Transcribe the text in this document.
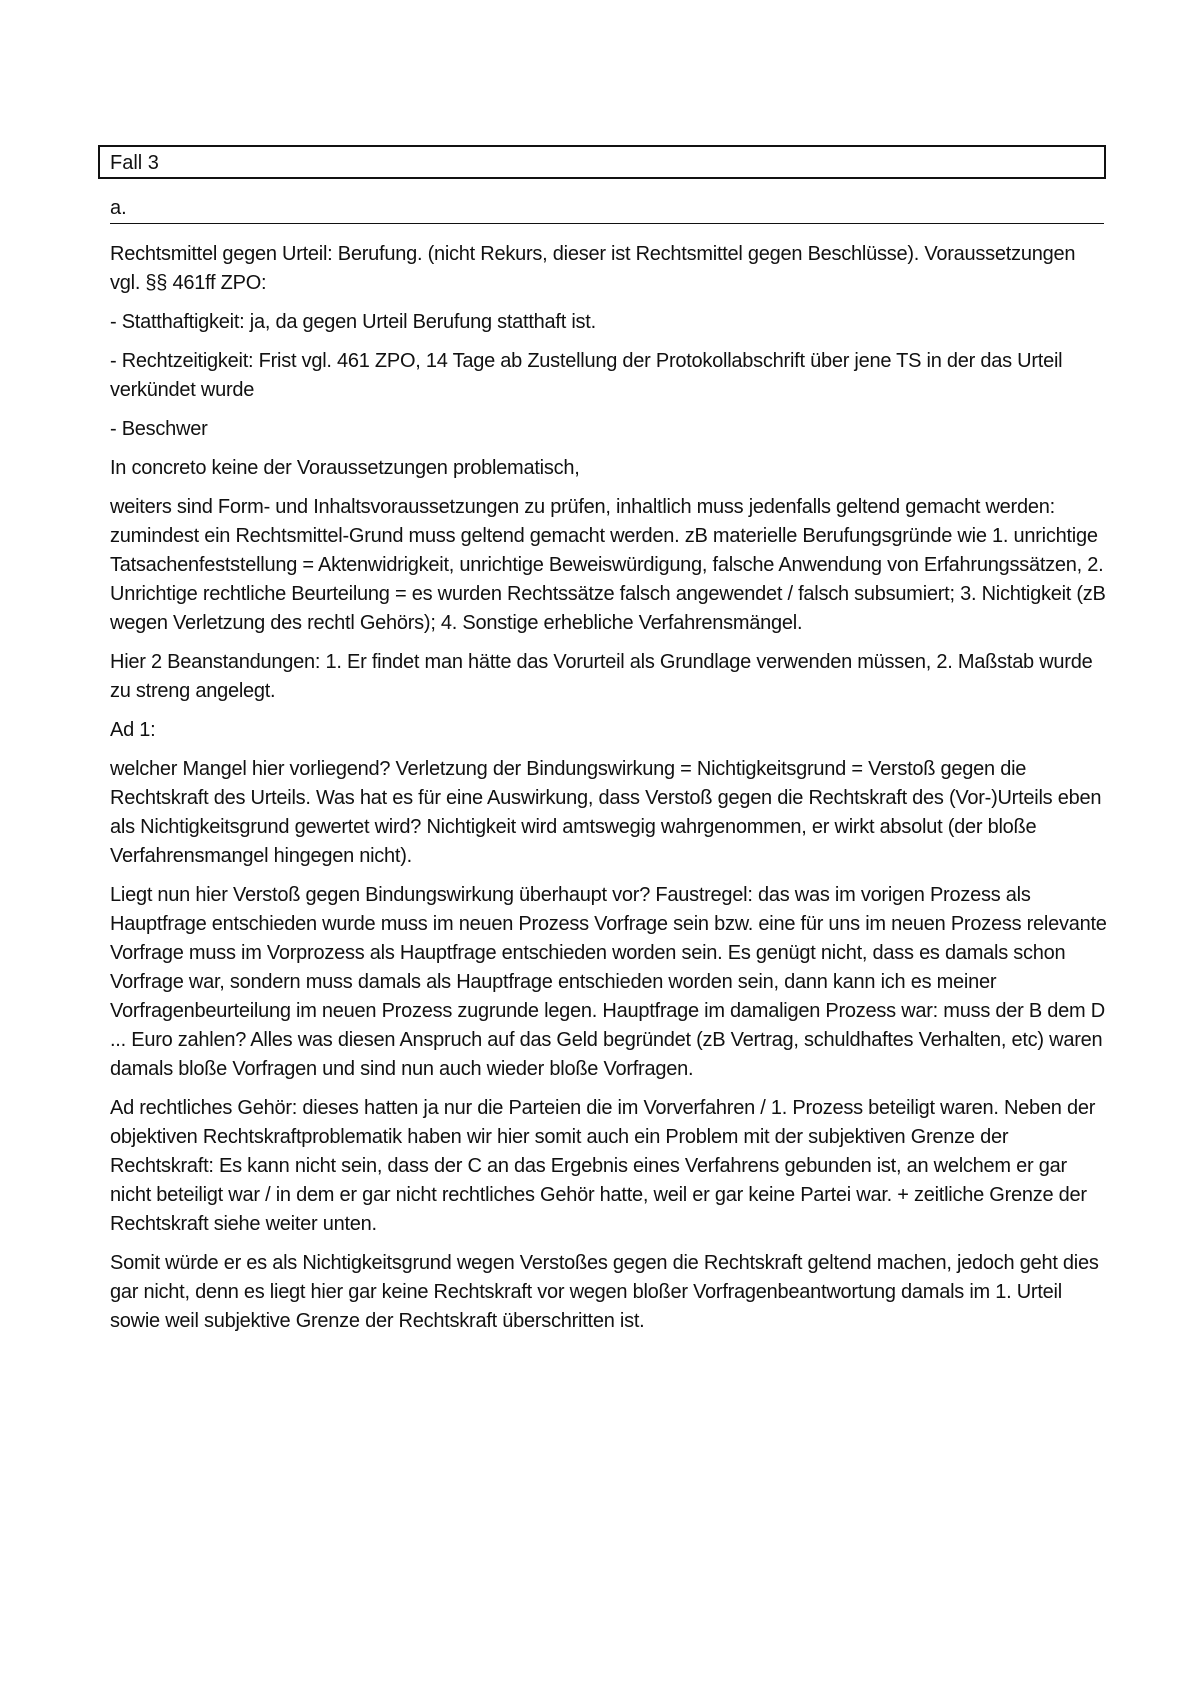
Fall 3
a.

Rechtsmittel gegen Urteil: Berufung. (nicht Rekurs, dieser ist Rechtsmittel gegen Beschlüsse). Voraussetzungen vgl. §§ 461ff ZPO:

- Statthaftigkeit: ja, da gegen Urteil Berufung statthaft ist.

- Rechtzeitigkeit: Frist vgl. 461 ZPO, 14 Tage ab Zustellung der Protokollabschrift über jene TS in der das Urteil verkündet wurde

- Beschwer

In concreto keine der Voraussetzungen problematisch,

weiters sind Form- und Inhaltsvoraussetzungen zu prüfen, inhaltlich muss jedenfalls geltend gemacht werden: zumindest ein Rechtsmittel-Grund muss geltend gemacht werden. zB materielle Berufungsgründe wie 1. unrichtige Tatsachenfeststellung = Aktenwidrigkeit, unrichtige Beweiswürdigung, falsche Anwendung von Erfahrungssätzen, 2. Unrichtige rechtliche Beurteilung = es wurden Rechtssätze falsch angewendet / falsch subsumiert; 3. Nichtigkeit (zB wegen Verletzung des rechtl Gehörs); 4. Sonstige erhebliche Verfahrensmängel.

Hier 2 Beanstandungen: 1. Er findet man hätte das Vorurteil als Grundlage verwenden müssen, 2. Maßstab wurde zu streng angelegt.

Ad 1:

welcher Mangel hier vorliegend? Verletzung der Bindungswirkung = Nichtigkeitsgrund = Verstoß gegen die Rechtskraft des Urteils. Was hat es für eine Auswirkung, dass Verstoß gegen die Rechtskraft des (Vor-)Urteils eben als Nichtigkeitsgrund gewertet wird? Nichtigkeit wird amtswegig wahrgenommen, er wirkt absolut (der bloße Verfahrensmangel hingegen nicht).

Liegt nun hier Verstoß gegen Bindungswirkung überhaupt vor? Faustregel: das was im vorigen Prozess als Hauptfrage entschieden wurde muss im neuen Prozess Vorfrage sein bzw. eine für uns im neuen Prozess relevante Vorfrage muss im Vorprozess als Hauptfrage entschieden worden sein. Es genügt nicht, dass es damals schon Vorfrage war, sondern muss damals als Hauptfrage entschieden worden sein, dann kann ich es meiner Vorfragenbeurteilung im neuen Prozess zugrunde legen. Hauptfrage im damaligen Prozess war: muss der B dem D ... Euro zahlen? Alles was diesen Anspruch auf das Geld begründet (zB Vertrag, schuldhaftes Verhalten, etc) waren damals bloße Vorfragen und sind nun auch wieder bloße Vorfragen.

Ad rechtliches Gehör: dieses hatten ja nur die Parteien die im Vorverfahren / 1. Prozess beteiligt waren. Neben der objektiven Rechtskraftproblematik haben wir hier somit auch ein Problem mit der subjektiven Grenze der Rechtskraft: Es kann nicht sein, dass der C an das Ergebnis eines Verfahrens gebunden ist, an welchem er gar nicht beteiligt war / in dem er gar nicht rechtliches Gehör hatte, weil er gar keine Partei war. + zeitliche Grenze der Rechtskraft siehe weiter unten.

Somit würde er es als Nichtigkeitsgrund wegen Verstoßes gegen die Rechtskraft geltend machen, jedoch geht dies gar nicht, denn es liegt hier gar keine Rechtskraft vor wegen bloßer Vorfragenbeantwortung damals im 1. Urteil sowie weil subjektive Grenze der Rechtskraft überschritten ist.
